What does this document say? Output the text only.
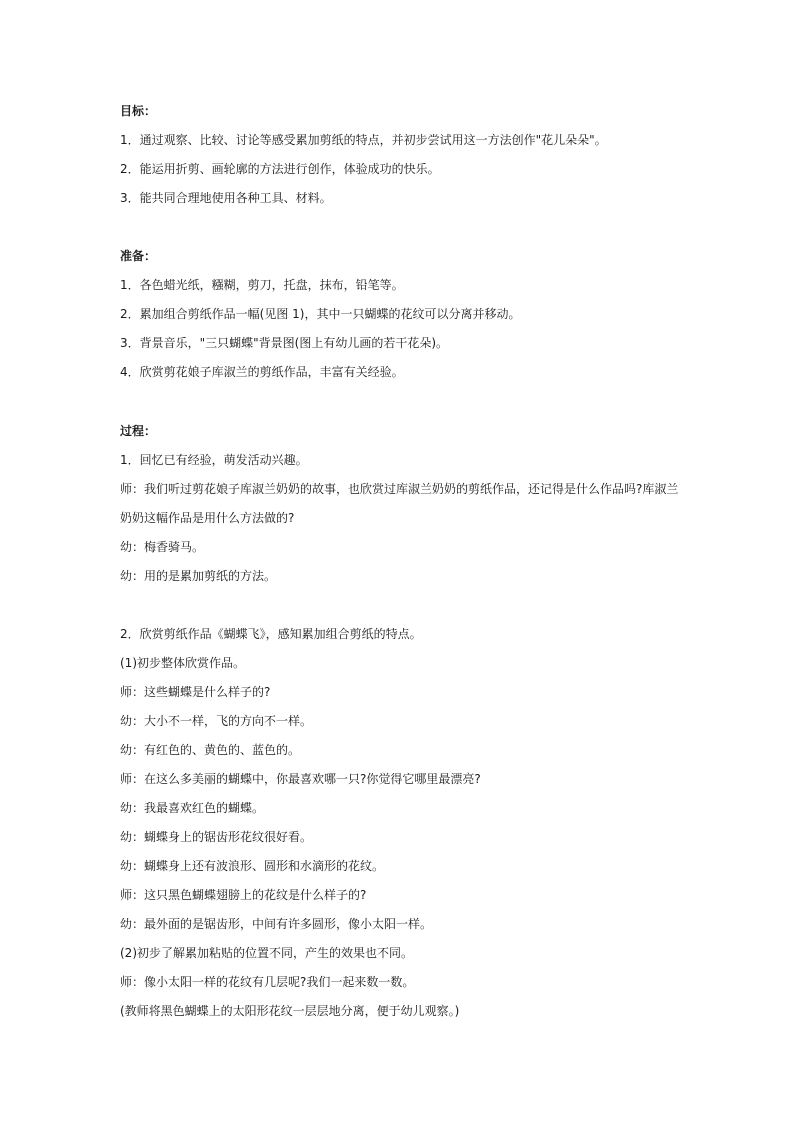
目标：
1．通过观察、比较、讨论等感受累加剪纸的特点，并初步尝试用这一方法创作"花儿朵朵"。
2．能运用折剪、画轮廓的方法进行创作，体验成功的快乐。
3．能共同合理地使用各种工具、材料。
准备：
1．各色蜡光纸，糨糊，剪刀，托盘，抹布，铅笔等。
2．累加组合剪纸作品一幅(见图 1)，其中一只蝴蝶的花纹可以分离并移动。
3．背景音乐，"三只蝴蝶"背景图(图上有幼儿画的若干花朵)。
4．欣赏剪花娘子库淑兰的剪纸作品，丰富有关经验。
过程：
1．回忆已有经验，萌发活动兴趣。
师：我们听过剪花娘子库淑兰奶奶的故事，也欣赏过库淑兰奶奶的剪纸作品，还记得是什么作品吗?库淑兰
奶奶这幅作品是用什么方法做的?
幼：梅香骑马。
幼：用的是累加剪纸的方法。
2．欣赏剪纸作品《蝴蝶飞》，感知累加组合剪纸的特点。
(1)初步整体欣赏作品。
师：这些蝴蝶是什么样子的?
幼：大小不一样，飞的方向不一样。
幼：有红色的、黄色的、蓝色的。
师：在这么多美丽的蝴蝶中，你最喜欢哪一只?你觉得它哪里最漂亮?
幼：我最喜欢红色的蝴蝶。
幼：蝴蝶身上的锯齿形花纹很好看。
幼：蝴蝶身上还有波浪形、圆形和水滴形的花纹。
师：这只黑色蝴蝶翅膀上的花纹是什么样子的?
幼：最外面的是锯齿形，中间有许多圆形，像小太阳一样。
(2)初步了解累加粘贴的位置不同，产生的效果也不同。
师：像小太阳一样的花纹有几层呢?我们一起来数一数。
(教师将黑色蝴蝶上的太阳形花纹一层层地分离，便于幼儿观察。)
